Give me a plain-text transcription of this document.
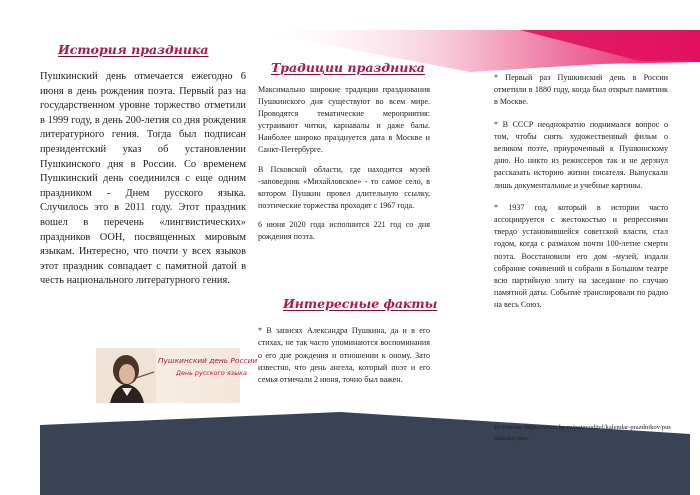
История праздника
Пушкинский день отмечается ежегодно 6 июня в день рождения поэта. Первый раз на государственном уровне торжество отметили в 1999 году, в день 200-летия со дня рождения литературного гения. Тогда был подписан президентский указ об установлении Пушкинского дня в России. Со временем Пушкинский день соединился с еще одним праздником - Днем русского языка. Случилось это в 2011 году. Этот праздник вошел в перечень «лингвистических» праздников ООН, посвященных мировым языкам. Интересно, что почти у всех языков этот праздник совпадает с памятной датой в честь национального литературного гения.
Пушкинский день России
День русского языка
Традиции праздника

Максимально широкие традиции празднования Пушкинского дня существуют во всем мире. Проводятся тематические мероприятия: устраивают читки, карнавалы и даже балы. Наиболее широко празднуется дата в Москве и Санкт-Петербурге.

В Псковской области, где находится музей -заповедник «Михайловское» - то самое село, в котором Пушкин провел длительную ссылку, поэтические торжества проходят с 1967 года.

6 июня 2020 года исполнится 221 год со дня рождения поэта.

Интересные факты
* В записях Александра Пушкина, да и в его стихах, не так часто упоминаются воспоминания о его дне рождения и отношении к оному. Зато известно, что день ангела, который поэт и его семья отмечали 2 июня, точно был важен.

* Первый раз Пушкинский день в России отметили в 1880 году, когда был открыт памятник в Москве.

* В СССР неоднократно поднимался вопрос о том, чтобы снять художественный фильм о великом поэте, приуроченный к Пушкинскому дню. Но никто из режиссеров так и не дерзнул рассказать историю жизни писателя. Выпускали лишь документальные и учебные картины.

* 1937 год, который в истории часто ассоциируется с жестокостью и репрессиями твердо установившейся советской власти, стал годом, когда с размахом почти 100-летие смерти поэта. Восстановили его дом -музей, издали собрание сочинений и собрали в Большом театре всю партийную элиту на заседание по случаю памятной даты. Событие транслировали по радио на весь Союз.

Источник: https://www.kp.ru/putevoditel/kalendar-prazdnikov/pushkinskij-den/
